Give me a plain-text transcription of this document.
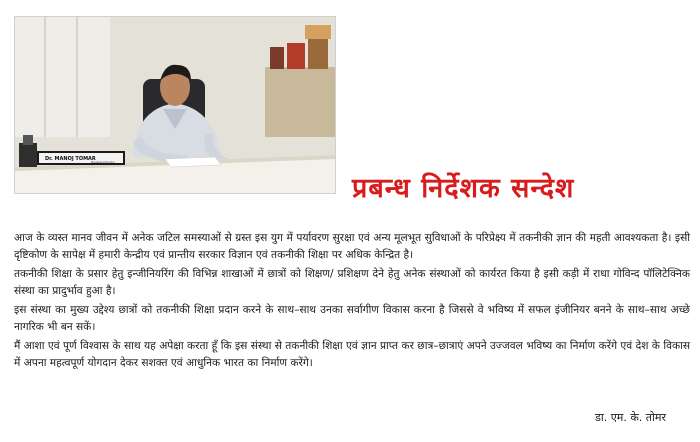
Dr. MANOJ TOMAR
Managing Director
प्रबन्ध निर्देशक सन्देश

आज के व्यस्त मानव जीवन में अनेक जटिल समस्याओं से ग्रस्त इस युग में पर्यावरण सुरक्षा एवं अन्य मूलभूत सुविधाओं के परिप्रेक्ष्य में तकनीकी ज्ञान की महती आवश्यकता है। इसी दृष्टिकोण के सापेक्ष में हमारी केन्द्रीय एवं प्रान्तीय सरकार विज्ञान एवं तकनीकी शिक्षा पर अधिक केन्द्रित है।

तकनीकी शिक्षा के प्रसार हेतु इन्जीनियरिंग की विभिन्न शाखाओं में छात्रों को शिक्षण/ प्रशिक्षण देने हेतु अनेक संस्थाओं को कार्यरत किया है इसी कड़ी में राधा गोविन्द पॉलिटेक्निक संस्था का प्रादुर्भाव हुआ है।

इस संस्था का मुख्य उद्देश्य छात्रों को तकनीकी शिक्षा प्रदान करने के साथ–साथ उनका सर्वागीण विकास करना है जिससे वे भविष्य में सफल इंजीनियर बनने के साथ–साथ अच्छे नागरिक भी बन सकें।

मैं आशा एवं पूर्ण विश्वास के साथ यह अपेक्षा करता हूँ कि इस संस्था से तकनीकी शिक्षा एवं ज्ञान प्राप्त कर छात्र–छात्राएं अपने उज्जवल भविष्य का निर्माण करेंगे एवं देश के विकास में अपना महत्वपूर्ण योगदान देकर सशक्त एवं आधुनिक भारत का निर्माण करेंगे।

डा. एम. के. तोमर
